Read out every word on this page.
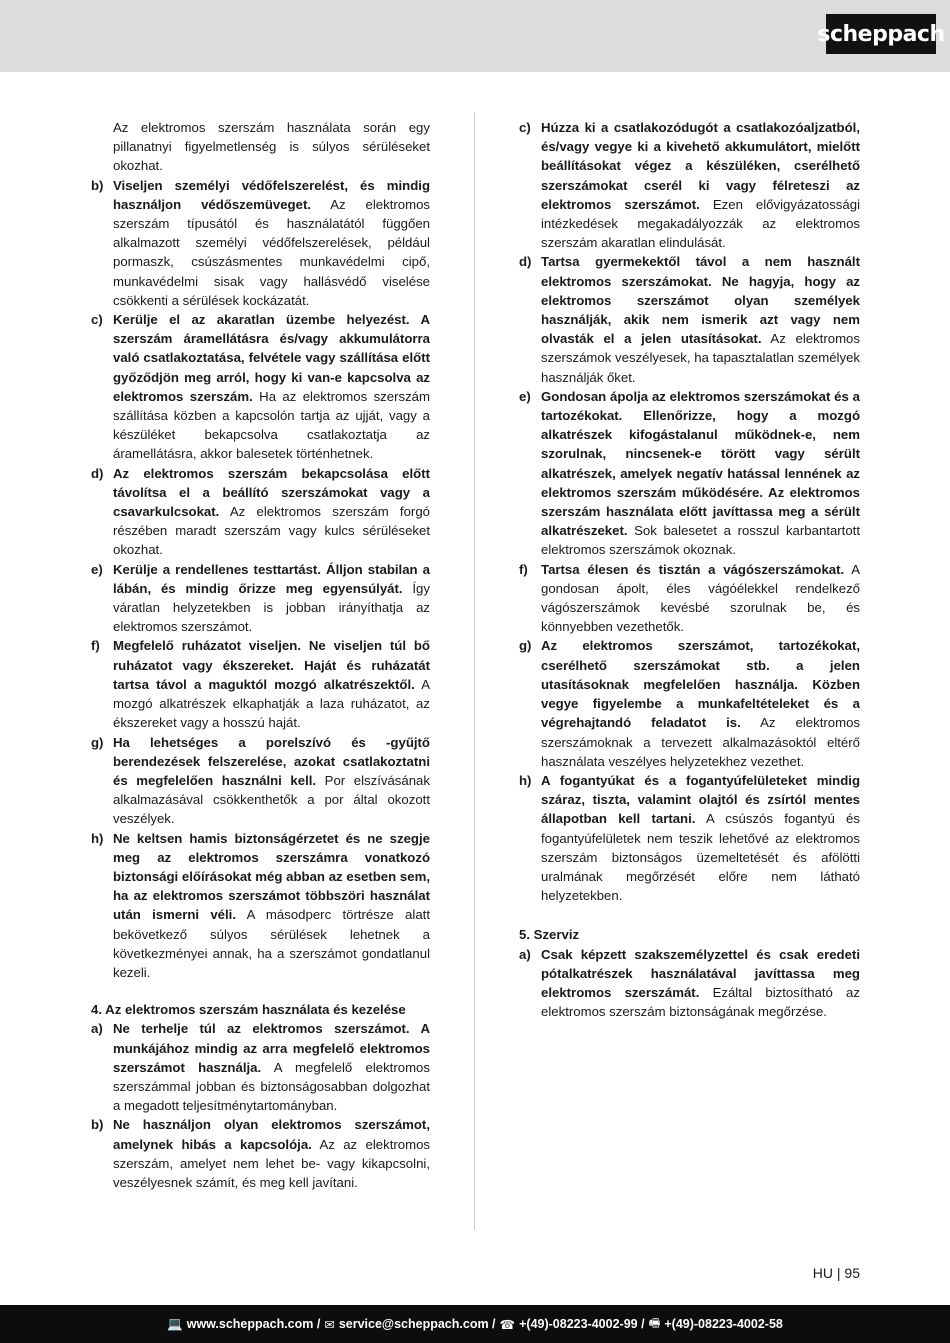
scheppach
Az elektromos szerszám használata során egy pillanatnyi figyelmetlenség is súlyos sérüléseket okozhat.
b) Viseljen személyi védőfelszerelést, és mindig használjon védőszemüveget. Az elektromos szerszám típusától és használatától függően alkalmazott személyi védőfelszerelések, például pormaszk, csúszásmentes munkavédelmi cipő, munkavédelmi sisak vagy hallásvédő viselése csökkenti a sérülések kockázatát.
c) Kerülje el az akaratlan üzembe helyezést. A szerszám áramellátásra és/vagy akkumulátorra való csatlakoztatása, felvétele vagy szállítása előtt győződjön meg arról, hogy ki van-e kapcsolva az elektromos szerszám. Ha az elektromos szerszám szállítása közben a kapcsolón tartja az ujját, vagy a készüléket bekapcsolva csatlakoztatja az áramellátásra, akkor balesetek történhetnek.
d) Az elektromos szerszám bekapcsolása előtt távolítsa el a beállító szerszámokat vagy a csavarkulcsokat. Az elektromos szerszám forgó részében maradt szerszám vagy kulcs sérüléseket okozhat.
e) Kerülje a rendellenes testtartást. Álljon stabilan a lábán, és mindig őrizze meg egyensúlyát. Így váratlan helyzetekben is jobban irányíthatja az elektromos szerszámot.
f)	Megfelelő ruházatot viseljen. Ne viseljen túl bő ruházatot vagy ékszereket. Haját és ruházatát tartsa távol a maguktól mozgó alkatrészektől. A mozgó alkatrészek elkaphatják a laza ruházatot, az ékszereket vagy a hosszú haját.
g) Ha lehetséges a porelszívó és -gyűjtő berendezések felszerelése, azokat csatlakoztatni és megfelelően használni kell. Por elszívásának alkalmazásával csökkenthetők a por által okozott veszélyek.
h) Ne keltsen hamis biztonságérzetet és ne szegje meg az elektromos szerszámra vonatkozó biztonsági előírásokat még abban az esetben sem, ha az elektromos szerszámot többszöri használat után ismerni véli. A másodperc törtrésze alatt bekövetkező súlyos sérülések lehetnek a következményei annak, ha a szerszámot gondatlanul kezeli.
4. Az elektromos szerszám használata és kezelése
a) Ne terhelje túl az elektromos szerszámot. A munkájához mindig az arra megfelelő elektromos szerszámot használja. A megfelelő elektromos szerszámmal jobban és biztonságosabban dolgozhat a megadott teljesítménytartományban.
b) Ne használjon olyan elektromos szerszámot, amelynek hibás a kapcsolója. Az az elektromos szerszám, amelyet nem lehet be- vagy kikapcsolni, veszélyesnek számít, és meg kell javítani.
c) Húzza ki a csatlakozódugót a csatlakozóaljzatból, és/vagy vegye ki a kivehető akkumulátort, mielőtt beállításokat végez a készüléken, cserélhető szerszámokat cserél ki vagy félreteszi az elektromos szerszámot. Ezen elővigyázatossági intézkedések megakadályozzák az elektromos szerszám akaratlan elindulását.
d) Tartsa gyermekektől távol a nem használt elektromos szerszámokat. Ne hagyja, hogy az elektromos szerszámot olyan személyek használják, akik nem ismerik azt vagy nem olvasták el a jelen utasításokat. Az elektromos szerszámok veszélyesek, ha tapasztalatlan személyek használják őket.
e) Gondosan ápolja az elektromos szerszámokat és a tartozékokat. Ellenőrizze, hogy a mozgó alkatrészek kifogástalanul működnek-e, nem szorulnak, nincsenek-e törött vagy sérült alkatrészek, amelyek negatív hatással lennének az elektromos szerszám működésére. Az elektromos szerszám használata előtt javíttassa meg a sérült alkatrészeket. Sok balesetet a rosszul karbantartott elektromos szerszámok okoznak.
f)	Tartsa élesen és tisztán a vágószerszámokat. A gondosan ápolt, éles vágóélekkel rendelkező vágószerszámok kevésbé szorulnak be, és könnyebben vezethetők.
g) Az elektromos szerszámot, tartozékokat, cserélhető szerszámokat stb. a jelen utasításoknak megfelelően használja. Közben vegye figyelembe a munkafeltételeket és a végrehajtandó feladatot is. Az elektromos szerszámoknak a tervezett alkalmazásoktól eltérő használata veszélyes helyzetekhez vezethet.
h) A fogantyúkat és a fogantyúfelületeket mindig száraz, tiszta, valamint olajtól és zsírtól mentes állapotban kell tartani. A csúszós fogantyú és fogantyúfelületek nem teszik lehetővé az elektromos szerszám biztonságos üzemeltetését és afölötti uralmának megőrzését előre nem látható helyzetekben.
5. Szerviz
a) Csak képzett szakszemélyzettel és csak eredeti pótalkatrészek használatával javíttassa meg elektromos szerszámát. Ezáltal biztosítható az elektromos szerszám biztonságának megőrzése.
HU | 95
💻 www.scheppach.com / ✉ service@scheppach.com / ☎ +(49)-08223-4002-99 / 🖷 +(49)-08223-4002-58
